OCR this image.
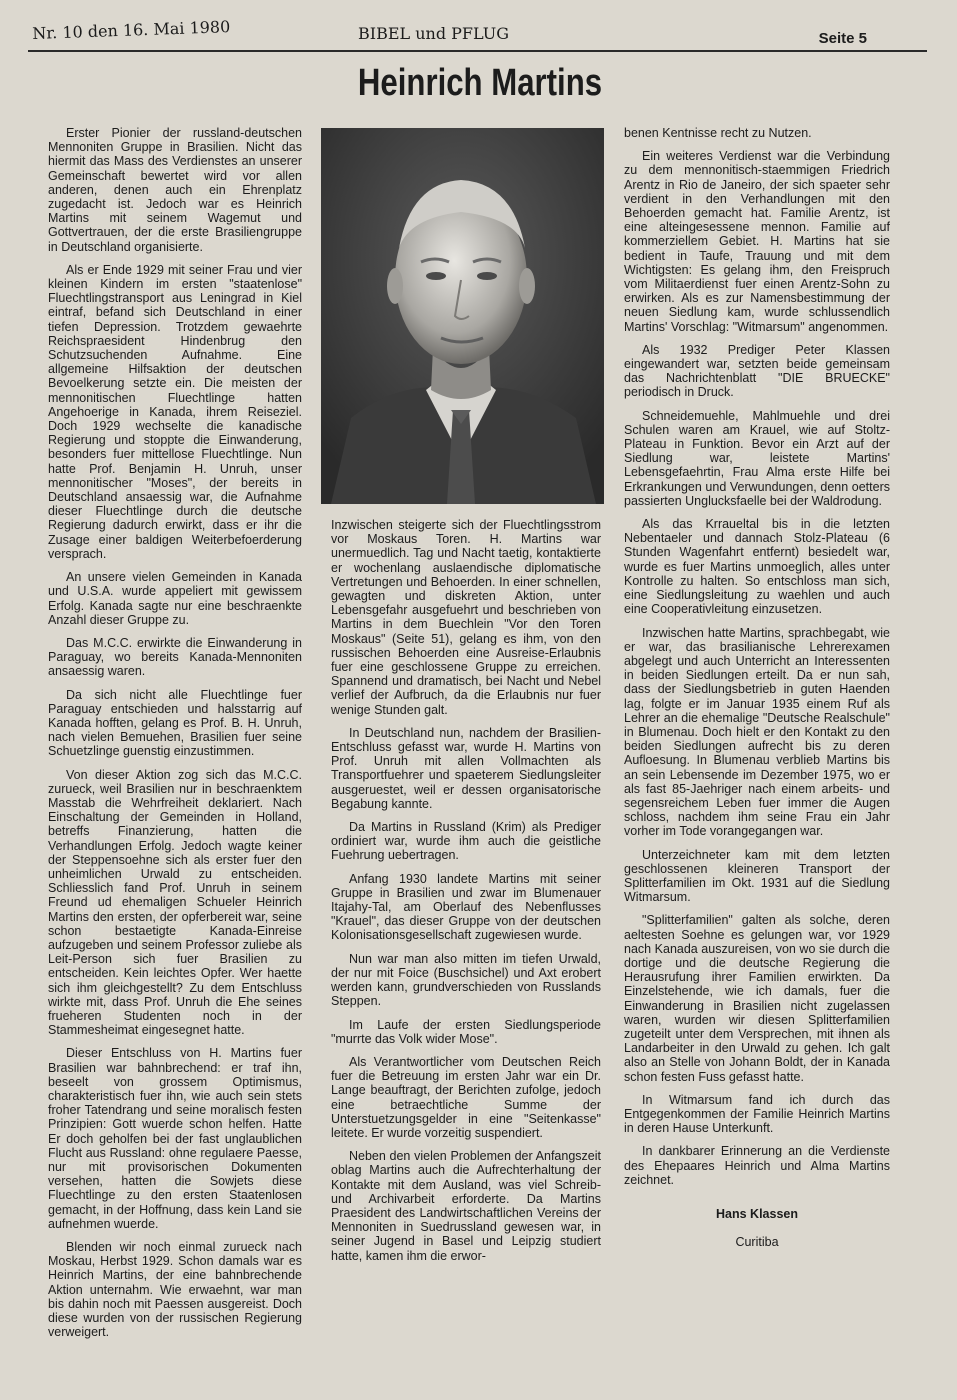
Nr. 10 den 16. Mai 1980	BIBEL und PFLUG	Seite 5
Heinrich Martins

Erster Pionier der russland-deutschen Mennoniten Gruppe in Brasilien. Nicht das hiermit das Mass des Verdienstes an unserer Gemeinschaft bewertet wird vor allen anderen, denen auch ein Ehrenplatz zugedacht ist. Jedoch war es Heinrich Martins mit seinem Wagemut und Gottvertrauen, der die erste Brasiliengruppe in Deutschland organisierte.

Als er Ende 1929 mit seiner Frau und vier kleinen Kindern im ersten "staatenlose" Fluechtlingstransport aus Leningrad in Kiel eintraf, befand sich Deutschland in einer tiefen Depression. Trotzdem gewaehrte Reichspraesident Hindenbrug den Schutzsuchenden Aufnahme. Eine allgemeine Hilfsaktion der deutschen Bevoelkerung setzte ein. Die meisten der mennonitischen Fluechtlinge hatten Angehoerige in Kanada, ihrem Reiseziel. Doch 1929 wechselte die kanadische Regierung und stoppte die Einwanderung, besonders fuer mittellose Fluechtlinge. Nun hatte Prof. Benjamin H. Unruh, unser mennonitischer "Moses", der bereits in Deutschland ansaessig war, die Aufnahme dieser Fluechtlinge durch die deutsche Regierung dadurch erwirkt, dass er ihr die Zusage einer baldigen Weiterbefoerderung versprach.

An unsere vielen Gemeinden in Kanada und U.S.A. wurde appeliert mit gewissem Erfolg. Kanada sagte nur eine beschraenkte Anzahl dieser Gruppe zu.

Das M.C.C. erwirkte die Einwanderung in Paraguay, wo bereits Kanada-Mennoniten ansaessig waren.

Da sich nicht alle Fluechtlinge fuer Paraguay entschieden und halsstarrig auf Kanada hofften, gelang es Prof. B. H. Unruh, nach vielen Bemuehen, Brasilien fuer seine Schuetzlinge guenstig einzustimmen.

Von dieser Aktion zog sich das M.C.C. zurueck, weil Brasilien nur in beschraenktem Masstab die Wehrfreiheit deklariert. Nach Einschaltung der Gemeinden in Holland, betreffs Finanzierung, hatten die Verhandlungen Erfolg. Jedoch wagte keiner der Steppensoehne sich als erster fuer den unheimlichen Urwald zu entscheiden. Schliesslich fand Prof. Unruh in seinem Freund ud ehemaligen Schueler Heinrich Martins den ersten, der opferbereit war, seine schon bestaetigte Kanada-Einreise aufzugeben und seinem Professor zuliebe als Leit-Person sich fuer Brasilien zu entscheiden. Kein leichtes Opfer. Wer haette sich ihm gleichgestellt? Zu dem Entschluss wirkte mit, dass Prof. Unruh die Ehe seines frueheren Studenten noch in der Stammesheimat eingesegnet hatte.

Dieser Entschluss von H. Martins fuer Brasilien war bahnbrechend: er traf ihn, beseelt von grossem Optimismus, charakteristisch fuer ihn, wie auch sein stets froher Tatendrang und seine moralisch festen Prinzipien: Gott wuerde schon helfen. Hatte Er doch geholfen bei der fast unglaublichen Flucht aus Russland: ohne regulaere Paesse, nur mit provisorischen Dokumenten versehen, hatten die Sowjets diese Fluechtlinge zu den ersten Staatenlosen gemacht, in der Hoffnung, dass kein Land sie aufnehmen wuerde.

Blenden wir noch einmal zurueck nach Moskau, Herbst 1929. Schon damals war es Heinrich Martins, der eine bahnbrechende Aktion unternahm. Wie erwaehnt, war man bis dahin noch mit Paessen ausgereist. Doch diese wurden von der russischen Regierung verweigert.

Inzwischen steigerte sich der Fluechtlingsstrom vor Moskaus Toren. H. Martins war unermuedlich. Tag und Nacht taetig, kontaktierte er wochenlang auslaendische diplomatische Vertretungen und Behoerden. In einer schnellen, gewagten und diskreten Aktion, unter Lebensgefahr ausgefuehrt und beschrieben von Martins in dem Buechlein "Vor den Toren Moskaus" (Seite 51), gelang es ihm, von den russischen Behoerden eine Ausreise-Erlaubnis fuer eine geschlossene Gruppe zu erreichen. Spannend und dramatisch, bei Nacht und Nebel verlief der Aufbruch, da die Erlaubnis nur fuer wenige Stunden galt.

In Deutschland nun, nachdem der Brasilien-Entschluss gefasst war, wurde H. Martins von Prof. Unruh mit allen Vollmachten als Transportfuehrer und spaeterem Siedlungsleiter ausgeruestet, weil er dessen organisatorische Begabung kannte.

Da Martins in Russland (Krim) als Prediger ordiniert war, wurde ihm auch die geistliche Fuehrung uebertragen.

Anfang 1930 landete Martins mit seiner Gruppe in Brasilien und zwar im Blumenauer Itajahy-Tal, am Oberlauf des Nebenflusses "Krauel", das dieser Gruppe von der deutschen Kolonisationsgesellschaft zugewiesen wurde.

Nun war man also mitten im tiefen Urwald, der nur mit Foice (Buschsichel) und Axt erobert werden kann, grundverschieden von Russlands Steppen.

Im Laufe der ersten Siedlungsperiode "murrte das Volk wider Mose".

Als Verantwortlicher vom Deutschen Reich fuer die Betreuung im ersten Jahr war ein Dr. Lange beauftragt, der Berichten zufolge, jedoch eine betraechtliche Summe der Unterstuetzungsgelder in eine "Seitenkasse" leitete. Er wurde vorzeitig suspendiert.

Neben den vielen Problemen der Anfangszeit oblag Martins auch die Aufrechterhaltung der Kontakte mit dem Ausland, was viel Schreib- und Archivarbeit erforderte. Da Martins Praesident des Landwirtschaftlichen Vereins der Mennoniten in Suedrussland gewesen war, in seiner Jugend in Basel und Leipzig studiert hatte, kamen ihm die erwor-

benen Kentnisse recht zu Nutzen.

Ein weiteres Verdienst war die Verbindung zu dem mennonitisch-staemmigen Friedrich Arentz in Rio de Janeiro, der sich spaeter sehr verdient in den Verhandlungen mit den Behoerden gemacht hat. Familie Arentz, ist eine alteingesessene mennon. Familie auf kommerziellem Gebiet. H. Martins hat sie bedient in Taufe, Trauung und mit dem Wichtigsten: Es gelang ihm, den Freispruch vom Militaerdienst fuer einen Arentz-Sohn zu erwirken. Als es zur Namensbestimmung der neuen Siedlung kam, wurde schlussendlich Martins' Vorschlag: "Witmarsum" angenommen.

Als 1932 Prediger Peter Klassen eingewandert war, setzten beide gemeinsam das Nachrichtenblatt "DIE BRUECKE" periodisch in Druck.

Schneidemuehle, Mahlmuehle und drei Schulen waren am Krauel, wie auf Stoltz-Plateau in Funktion. Bevor ein Arzt auf der Siedlung war, leistete Martins' Lebensgefaehrtin, Frau Alma erste Hilfe bei Erkrankungen und Verwundungen, denn oetters passierten Unglucksfaelle bei der Waldrodung.

Als das Krraueltal bis in die letzten Nebentaeler und dannach Stolz-Plateau (6 Stunden Wagenfahrt entfernt) besiedelt war, wurde es fuer Martins unmoeglich, alles unter Kontrolle zu halten. So entschloss man sich, eine Siedlungsleitung zu waehlen und auch eine Cooperativleitung einzusetzen.

Inzwischen hatte Martins, sprachbegabt, wie er war, das brasilianische Lehrerexamen abgelegt und auch Unterricht an Interessenten in beiden Siedlungen erteilt. Da er nun sah, dass der Siedlungsbetrieb in guten Haenden lag, folgte er im Januar 1935 einem Ruf als Lehrer an die ehemalige "Deutsche Realschule" in Blumenau. Doch hielt er den Kontakt zu den beiden Siedlungen aufrecht bis zu deren Aufloesung. In Blumenau verblieb Martins bis an sein Lebensende im Dezember 1975, wo er als fast 85-Jaehriger nach einem arbeits- und segensreichem Leben fuer immer die Augen schloss, nachdem ihm seine Frau ein Jahr vorher im Tode vorangegangen war.

Unterzeichneter kam mit dem letzten geschlossenen kleineren Transport der Splitterfamilien im Okt. 1931 auf die Siedlung Witmarsum.

"Splitterfamilien" galten als solche, deren aeltesten Soehne es gelungen war, vor 1929 nach Kanada auszureisen, von wo sie durch die dortige und die deutsche Regierung die Herausrufung ihrer Familien erwirkten. Da Einzelstehende, wie ich damals, fuer die Einwanderung in Brasilien nicht zugelassen waren, wurden wir diesen Splitterfamilien zugeteilt unter dem Versprechen, mit ihnen als Landarbeiter in den Urwald zu gehen. Ich galt also an Stelle von Johann Boldt, der in Kanada schon festen Fuss gefasst hatte.

In Witmarsum fand ich durch das Entgegenkommen der Familie Heinrich Martins in deren Hause Unterkunft.

In dankbarer Erinnerung an die Verdienste des Ehepaares Heinrich und Alma Martins zeichnet.

Hans Klassen
Curitiba
